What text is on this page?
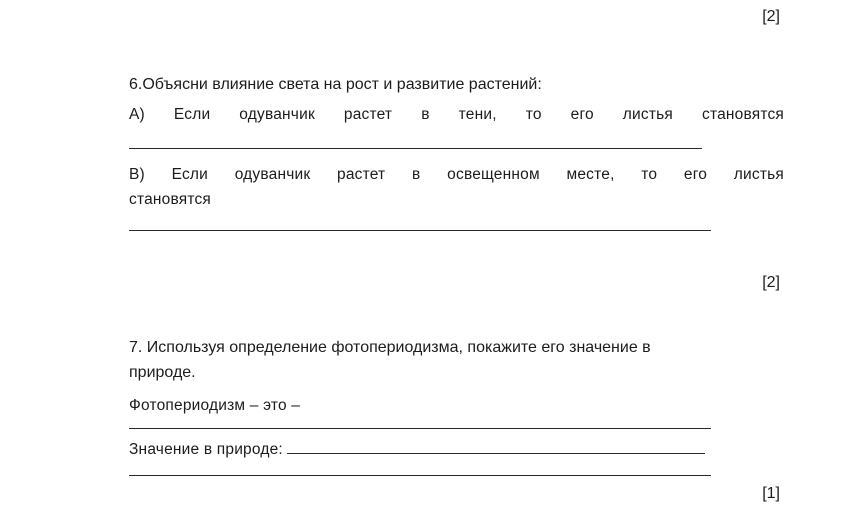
[2]
6.Объясни влияние света на рост и развитие растений:
А) Если одуванчик растет в тени, то его листья становятся
В) Если одуванчик растет в освещенном месте, то его листья
становятся
[2]
7. Используя определение фотопериодизма, покажите его значение в
природе.
Фотопериодизм – это –
Значение в природе:
[1]
